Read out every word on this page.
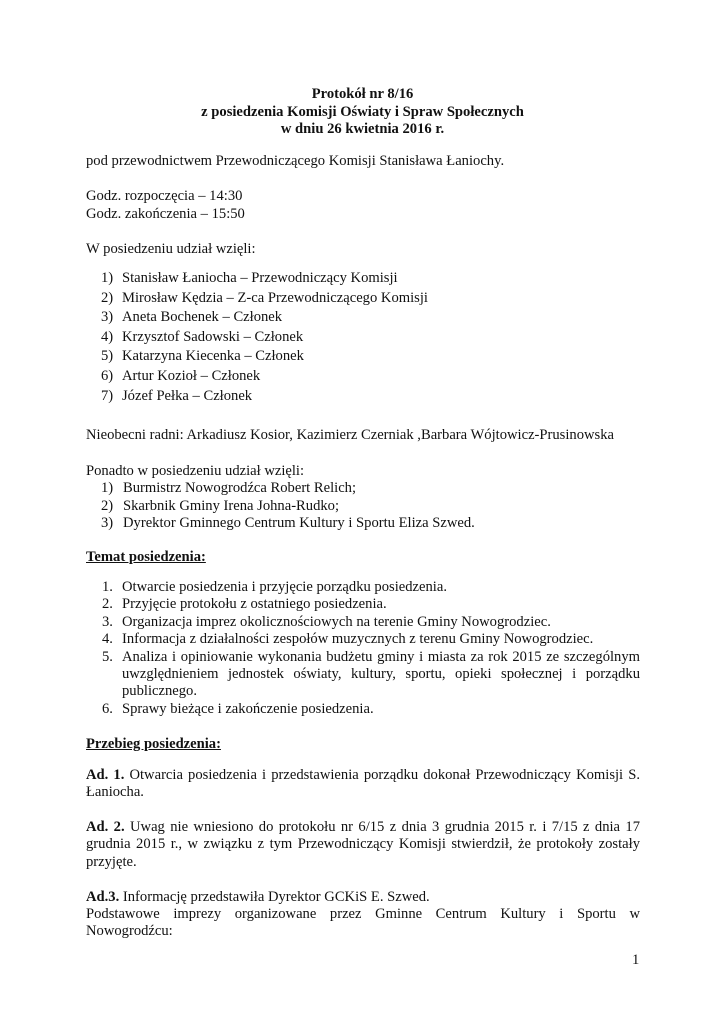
Protokół nr 8/16
z posiedzenia Komisji Oświaty i Spraw Społecznych
w dniu 26 kwietnia 2016 r.

pod przewodnictwem Przewodniczącego Komisji Stanisława Łaniochy.

Godz. rozpoczęcia – 14:30

Godz. zakończenia – 15:50

W posiedzeniu udział wzięli:

1) Stanisław Łaniocha – Przewodniczący Komisji
2) Mirosław Kędzia – Z-ca Przewodniczącego Komisji
3) Aneta Bochenek – Członek
4) Krzysztof Sadowski – Członek
5) Katarzyna Kiecenka – Członek
6) Artur Kozioł – Członek
7) Józef Pełka – Członek

Nieobecni radni: Arkadiusz Kosior, Kazimierz Czerniak ,Barbara Wójtowicz-Prusinowska

Ponadto w posiedzeniu udział wzięli:

1) Burmistrz Nowogrodźca Robert Relich;
2) Skarbnik Gminy Irena Johna-Rudko;
3) Dyrektor Gminnego Centrum Kultury i Sportu Eliza Szwed.

Temat posiedzenia:

1. Otwarcie posiedzenia i przyjęcie porządku posiedzenia.
2. Przyjęcie protokołu z ostatniego posiedzenia.
3. Organizacja imprez okolicznościowych na terenie Gminy Nowogrodziec.
4. Informacja z działalności zespołów muzycznych z terenu Gminy Nowogrodziec.
5. Analiza i opiniowanie wykonania budżetu gminy i miasta za rok 2015 ze szczególnym uwzględnieniem jednostek oświaty, kultury, sportu, opieki społecznej i porządku publicznego.
6. Sprawy bieżące i zakończenie posiedzenia.

Przebieg posiedzenia:

Ad. 1. Otwarcia posiedzenia i przedstawienia porządku dokonał Przewodniczący Komisji S. Łaniocha.

Ad. 2. Uwag nie wniesiono do protokołu nr 6/15 z dnia 3 grudnia 2015 r. i 7/15 z dnia 17 grudnia 2015 r., w związku z tym Przewodniczący Komisji stwierdził, że protokoły zostały przyjęte.

Ad.3. Informację przedstawiła Dyrektor GCKiS E. Szwed.

Podstawowe imprezy organizowane przez Gminne Centrum Kultury i Sportu w Nowogrodźcu:

1
